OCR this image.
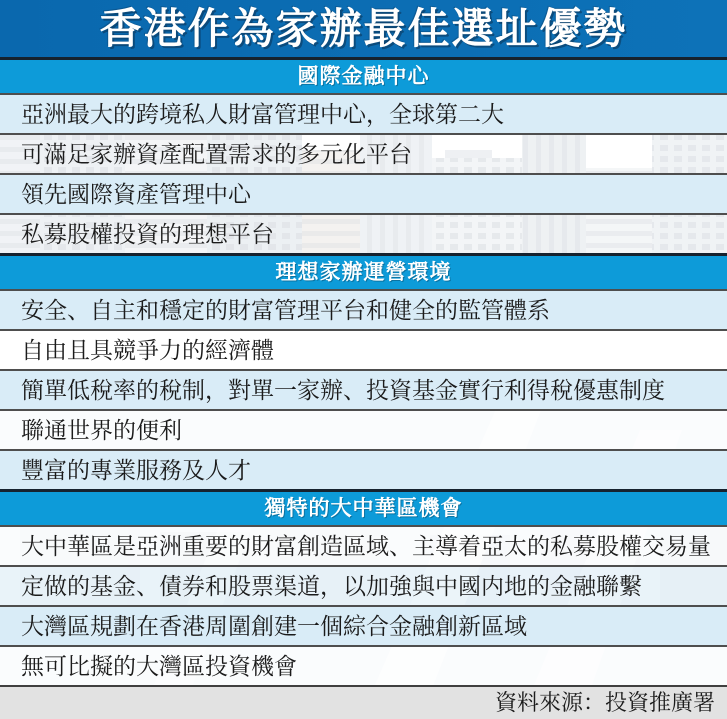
香港作為家辦最佳選址優勢
國際金融中心
亞洲最大的跨境私人財富管理中心，全球第二大
可滿足家辦資產配置需求的多元化平台
領先國際資產管理中心
私募股權投資的理想平台
理想家辦運營環境
安全、自主和穩定的財富管理平台和健全的監管體系
自由且具競爭力的經濟體
簡單低稅率的稅制，對單一家辦、投資基金實行利得稅優惠制度
聯通世界的便利
豐富的專業服務及人才
獨特的大中華區機會
大中華區是亞洲重要的財富創造區域、主導着亞太的私募股權交易量
定做的基金、債券和股票渠道，以加強與中國内地的金融聯繫
大灣區規劃在香港周圍創建一個綜合金融創新區域
無可比擬的大灣區投資機會
資料來源：投資推廣署
